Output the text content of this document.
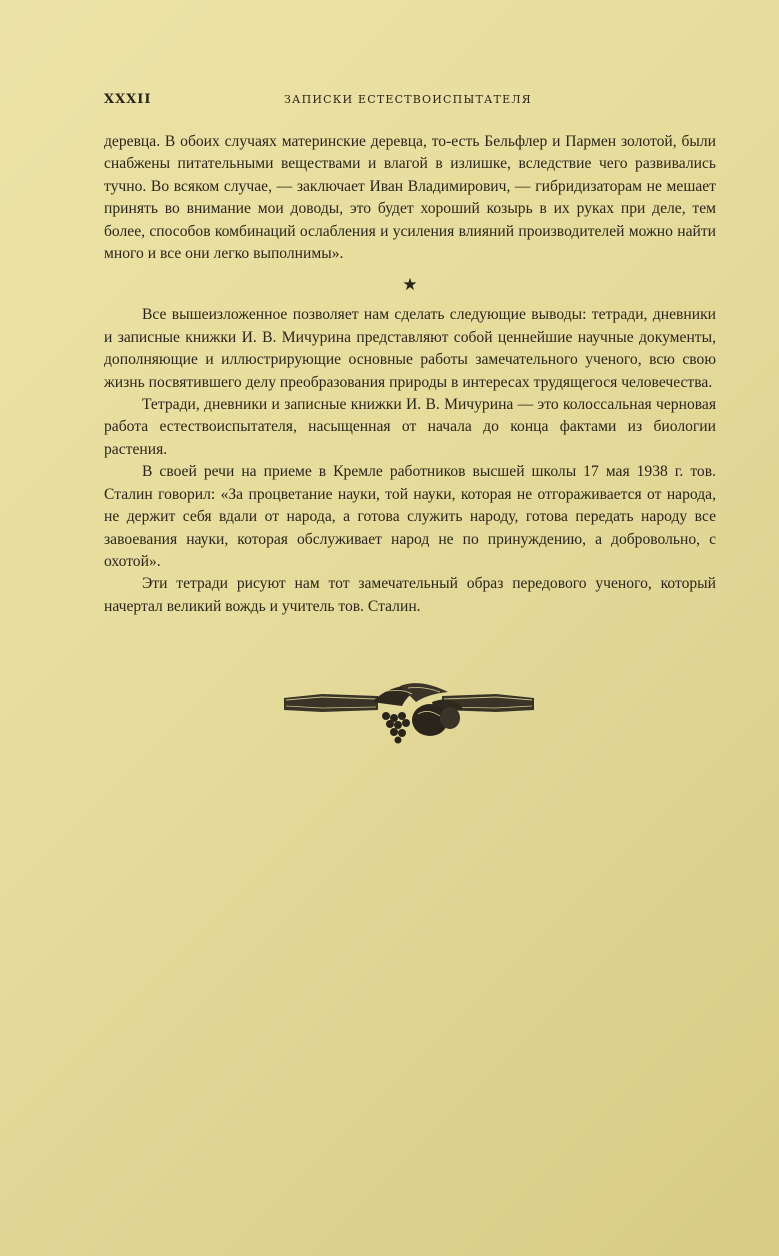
XXXII	ЗАПИСКИ ЕСТЕСТВОИСПЫТАТЕЛЯ

деревца. В обоих случаях материнские деревца, то-есть Бельфлер и Пармен золотой, были снабжены питательными веществами и влагой в излишке, вследствие чего развивались тучно. Во всяком случае, — заключает Иван Владимирович, — гибридизаторам не мешает принять во внимание мои доводы, это будет хороший козырь в их руках при деле, тем более, способов комбинаций ослабления и усиления влияний производителей можно найти много и все они легко выполнимы».

★

Все вышеизложенное позволяет нам сделать следующие выводы: тетради, дневники и записные книжки И. В. Мичурина представляют собой ценнейшие научные документы, дополняющие и иллюстрирующие основные работы замечательного ученого, всю свою жизнь посвятившего делу преобразования природы в интересах трудящегося человечества.

Тетради, дневники и записные книжки И. В. Мичурина — это колоссальная черновая работа естествоиспытателя, насыщенная от начала до конца фактами из биологии растения.

В своей речи на приеме в Кремле работников высшей школы 17 мая 1938 г. тов. Сталин говорил: «За процветание науки, той науки, которая не отгораживается от народа, не держит себя вдали от народа, а готова служить народу, готова передать народу все завоевания науки, которая обслуживает народ не по принуждению, а добровольно, с охотой».

Эти тетради рисуют нам тот замечательный образ передового ученого, который начертал великий вождь и учитель тов. Сталин.
